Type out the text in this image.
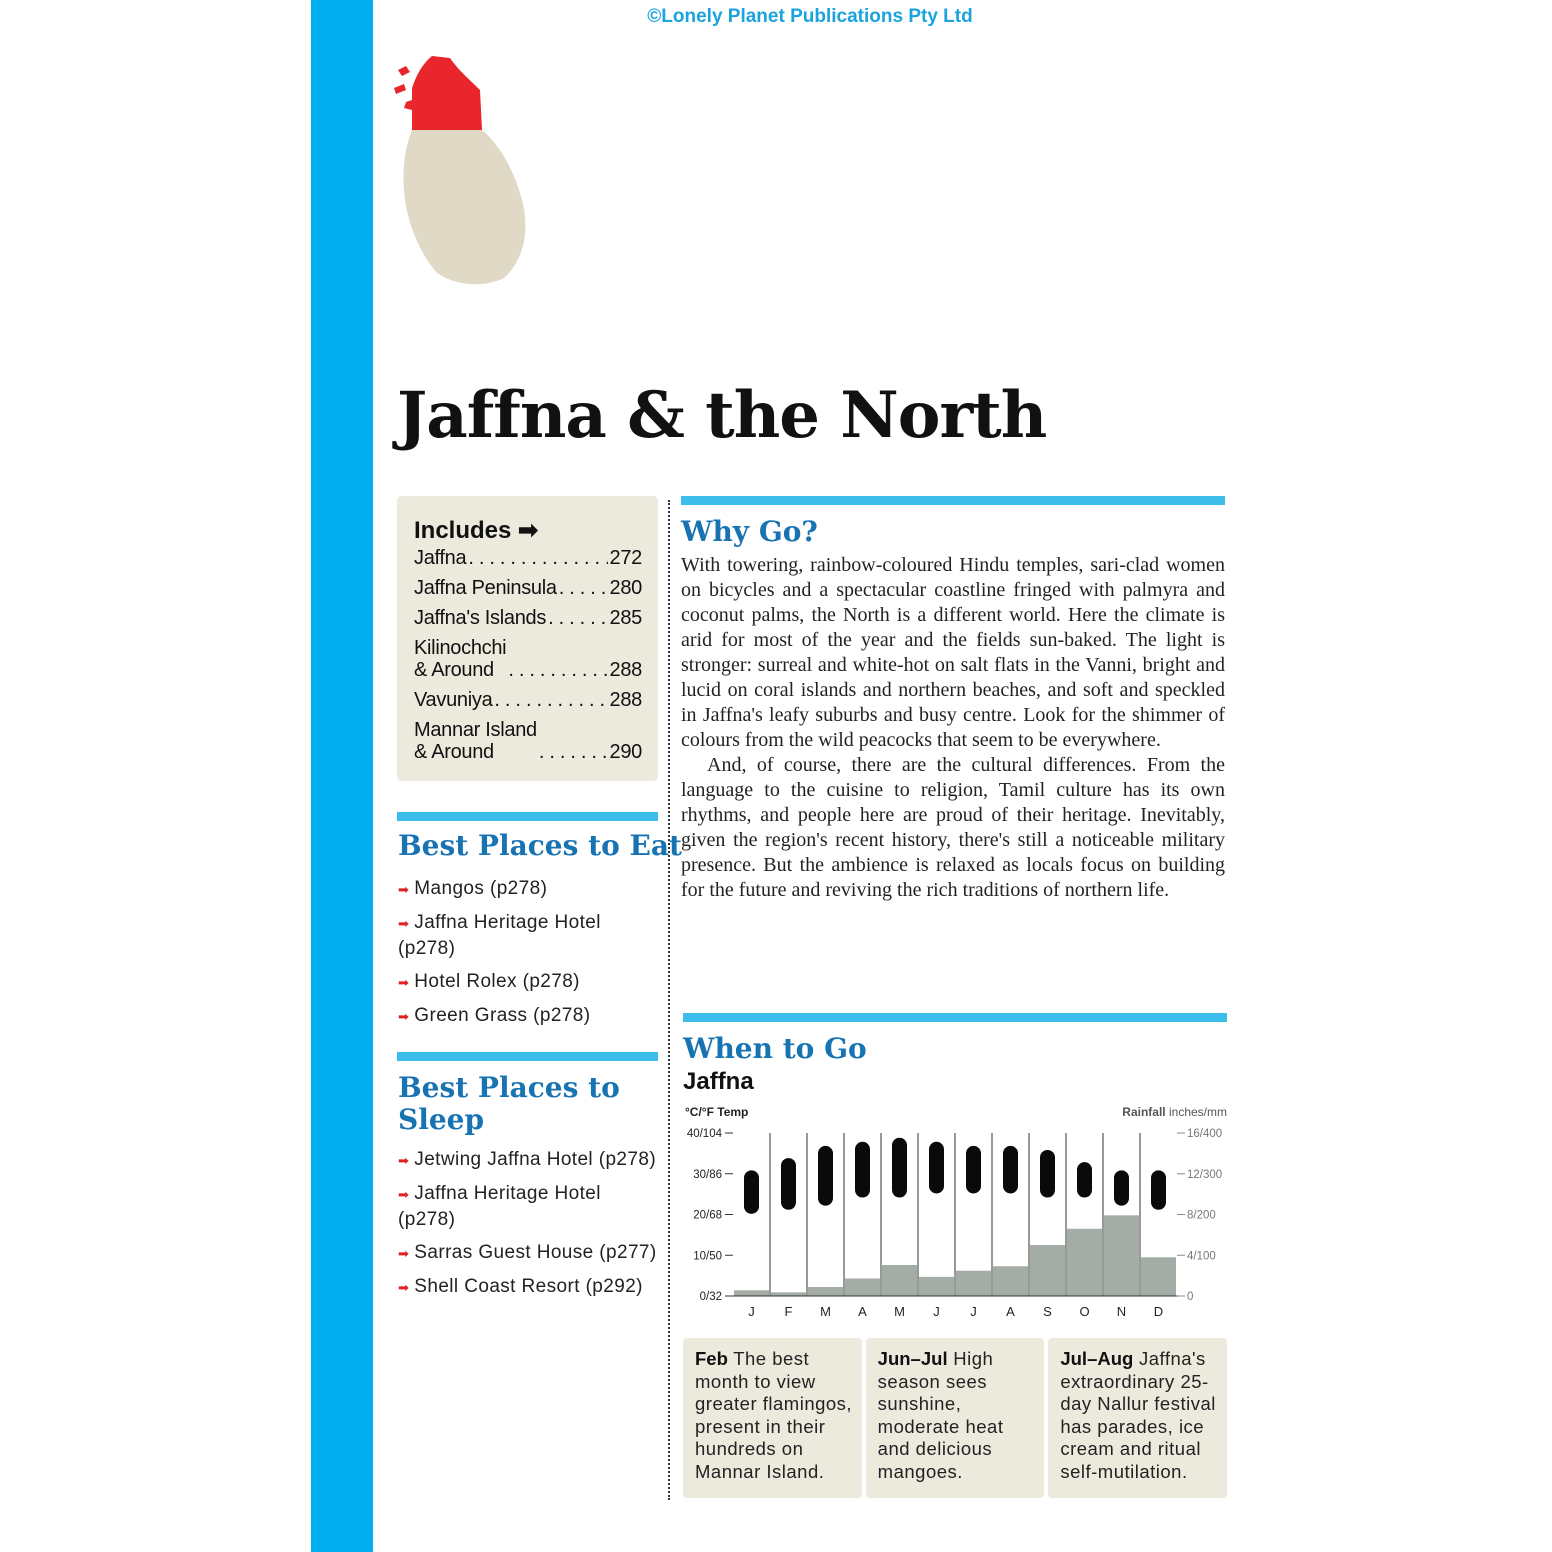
©Lonely Planet Publications Pty Ltd
Jaffna & the North
Includes ➡
Jaffna . . .	272
Jaffna Peninsula . . .	280
Jaffna's Islands . . .	285
Kilinochchi
& Around . . .	288
Vavuniya . . .	288
Mannar Island
& Around . . .	290
Best Places to Eat
➡ Mangos (p278)
➡ Jaffna Heritage Hotel (p278)
➡ Hotel Rolex (p278)
➡ Green Grass (p278)
Best Places to Sleep
➡ Jetwing Jaffna Hotel (p278)
➡ Jaffna Heritage Hotel (p278)
➡ Sarras Guest House (p277)
➡ Shell Coast Resort (p292)
Why Go?

With towering, rainbow-coloured Hindu temples, sari-clad women on bicycles and a spectacular coastline fringed with palmyra and coconut palms, the North is a different world. Here the climate is arid for most of the year and the fields sun-baked. The light is stronger: surreal and white-hot on salt flats in the Vanni, bright and lucid on coral islands and northern beaches, and soft and speckled in Jaffna's leafy suburbs and busy centre. Look for the shimmer of colours from the wild peacocks that seem to be everywhere.

And, of course, there are the cultural differences. From the language to the cuisine to religion, Tamil culture has its own rhythms, and people here are proud of their heritage. Inevitably, given the region's recent history, there's still a noticeable military presence. But the ambience is relaxed as locals focus on building for the future and reviving the rich traditions of northern life.

When to Go
Jaffna
°C/°F Temp	Rainfall inches/mm
40/104
30/86
20/68
10/50
0/32
16/400
12/300
8/200
4/100
0
J F M A M J J A S O N D
Feb The best month to view greater flamingos, present in their hundreds on Mannar Island.
Jun–Jul High season sees sunshine, moderate heat and delicious mangoes.
Jul–Aug Jaffna's extraordinary 25-day Nallur festival has parades, ice cream and ritual self-mutilation.
